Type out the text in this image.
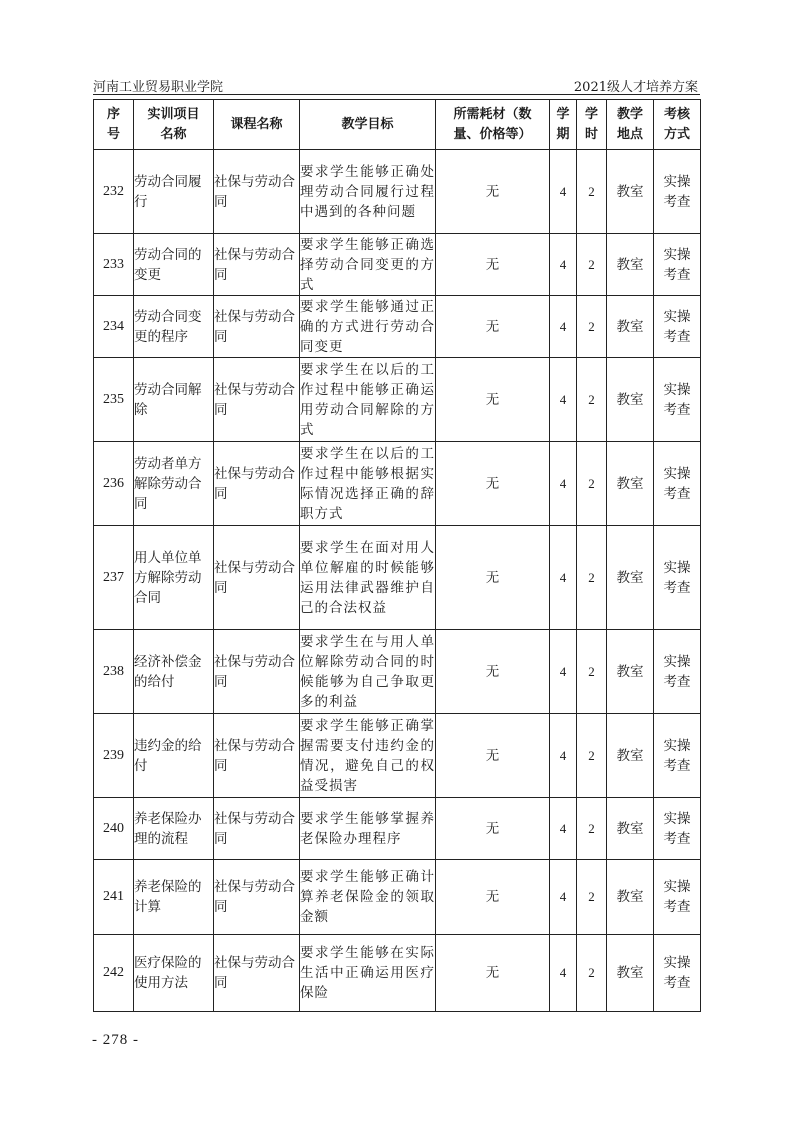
河南工业贸易职业学院	2021级人才培养方案
序号	实训项目名称	课程名称	教学目标	所需耗材（数量、价格等）	学期	学时	教学地点	考核方式
232	劳动合同履行	社保与劳动合同	要求学生能够正确处理劳动合同履行过程中遇到的各种问题	无	4	2	教室	实操考查
233	劳动合同的变更	社保与劳动合同	要求学生能够正确选择劳动合同变更的方式	无	4	2	教室	实操考查
234	劳动合同变更的程序	社保与劳动合同	要求学生能够通过正确的方式进行劳动合同变更	无	4	2	教室	实操考查
235	劳动合同解除	社保与劳动合同	要求学生在以后的工作过程中能够正确运用劳动合同解除的方式	无	4	2	教室	实操考查
236	劳动者单方解除劳动合同	社保与劳动合同	要求学生在以后的工作过程中能够根据实际情况选择正确的辞职方式	无	4	2	教室	实操考查
237	用人单位单方解除劳动合同	社保与劳动合同	要求学生在面对用人单位解雇的时候能够运用法律武器维护自己的合法权益	无	4	2	教室	实操考查
238	经济补偿金的给付	社保与劳动合同	要求学生在与用人单位解除劳动合同的时候能够为自己争取更多的利益	无	4	2	教室	实操考查
239	违约金的给付	社保与劳动合同	要求学生能够正确掌握需要支付违约金的情况，避免自己的权益受损害	无	4	2	教室	实操考查
240	养老保险办理的流程	社保与劳动合同	要求学生能够掌握养老保险办理程序	无	4	2	教室	实操考查
241	养老保险的计算	社保与劳动合同	要求学生能够正确计算养老保险金的领取金额	无	4	2	教室	实操考查
242	医疗保险的使用方法	社保与劳动合同	要求学生能够在实际生活中正确运用医疗保险	无	4	2	教室	实操考查
- 278 -
